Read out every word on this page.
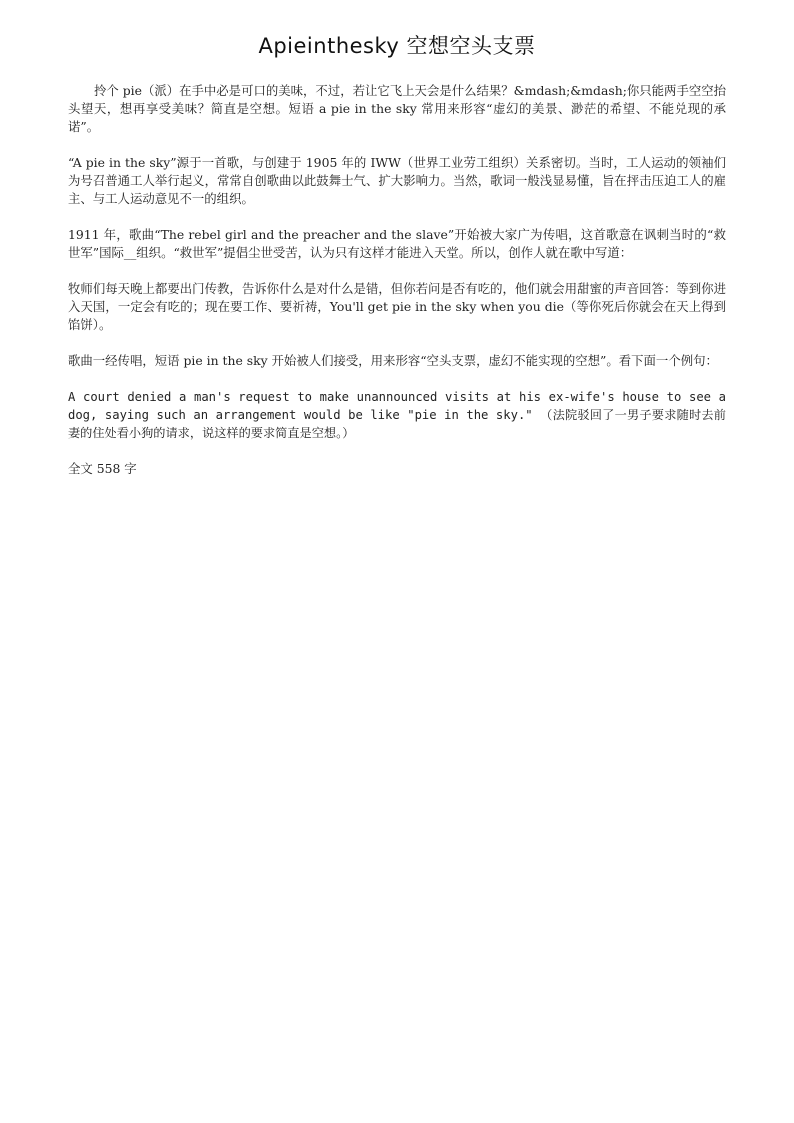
Apieinthesky 空想空头支票

拎个 pie（派）在手中必是可口的美味，不过，若让它飞上天会是什么结果？&mdash;&mdash;你只能两手空空抬头望天，想再享受美味？简直是空想。短语 a pie in the sky 常用来形容“虚幻的美景、渺茫的希望、不能兑现的承诺”。

“A pie in the sky”源于一首歌，与创建于 1905 年的 IWW（世界工业劳工组织）关系密切。当时，工人运动的领袖们为号召普通工人举行起义，常常自创歌曲以此鼓舞士气、扩大影响力。当然，歌词一般浅显易懂，旨在抨击压迫工人的雇主、与工人运动意见不一的组织。

1911 年，歌曲“The rebel girl and the preacher and the slave”开始被大家广为传唱，这首歌意在讽刺当时的“救世军”国际__组织。“救世军”提倡尘世受苦，认为只有这样才能进入天堂。所以，创作人就在歌中写道：

牧师们每天晚上都要出门传教，告诉你什么是对什么是错，但你若问是否有吃的，他们就会用甜蜜的声音回答：等到你进入天国，一定会有吃的；现在要工作、要祈祷，You'll get pie in the sky when you die（等你死后你就会在天上得到馅饼）。

歌曲一经传唱，短语 pie in the sky 开始被人们接受，用来形容“空头支票，虚幻不能实现的空想”。看下面一个例句：

A court denied a man's request to make unannounced visits at his ex-wife's house to see a dog, saying such an arrangement would be like "pie in the sky." （法院驳回了一男子要求随时去前妻的住处看小狗的请求，说这样的要求简直是空想。）

全文 558 字
